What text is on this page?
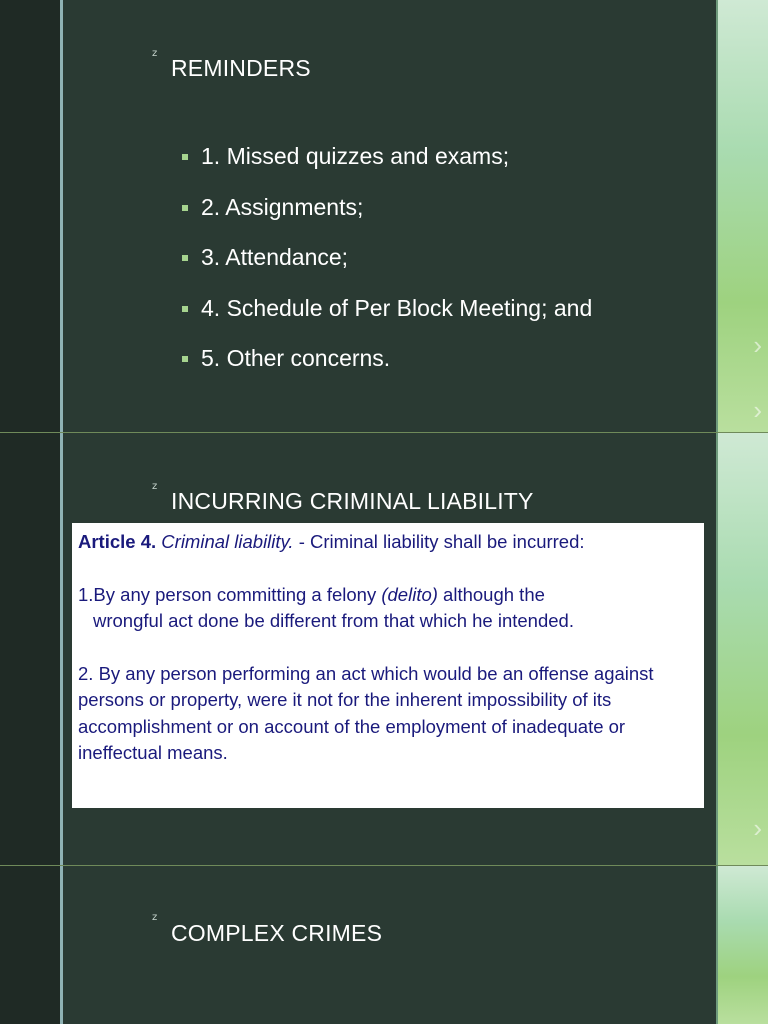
›
›
z
REMINDERS
1. Missed quizzes and exams;
2. Assignments;
3. Attendance;
4. Schedule of Per Block Meeting; and
5. Other concerns.
›
z
INCURRING CRIMINAL LIABILITY

Article 4. Criminal liability. - Criminal liability shall be incurred:

1.By any person committing a felony (delito) although the

wrongful act done be different from that which he intended.

2. By any person performing an act which would be an offense against persons or property, were it not for the inherent impossibility of its accomplishment or on account of the employment of inadequate or ineffectual means.

z
COMPLEX CRIMES
